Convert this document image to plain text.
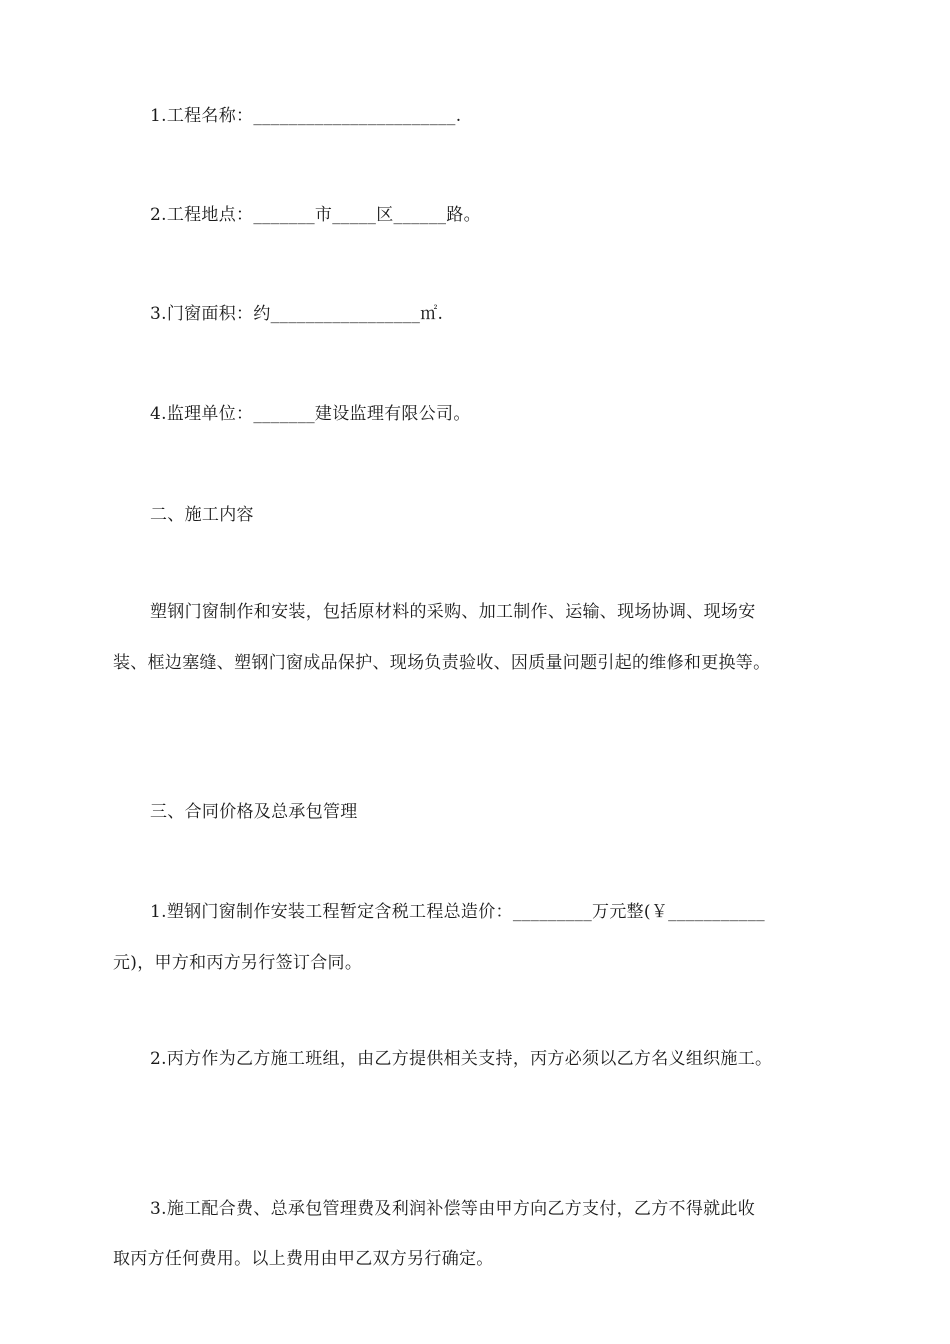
1.工程名称：_______________________.
2.工程地点：_______市_____区______路。
3.门窗面积：约_________________㎡.
4.监理单位：_______建设监理有限公司。
二、施工内容
塑钢门窗制作和安装，包括原材料的采购、加工制作、运输、现场协调、现场安
装、框边塞缝、塑钢门窗成品保护、现场负责验收、因质量问题引起的维修和更换等。
三、合同价格及总承包管理
1.塑钢门窗制作安装工程暂定含税工程总造价：_________万元整(￥___________
元)，甲方和丙方另行签订合同。
2.丙方作为乙方施工班组，由乙方提供相关支持，丙方必须以乙方名义组织施工。
3.施工配合费、总承包管理费及利润补偿等由甲方向乙方支付，乙方不得就此收
取丙方任何费用。以上费用由甲乙双方另行确定。
